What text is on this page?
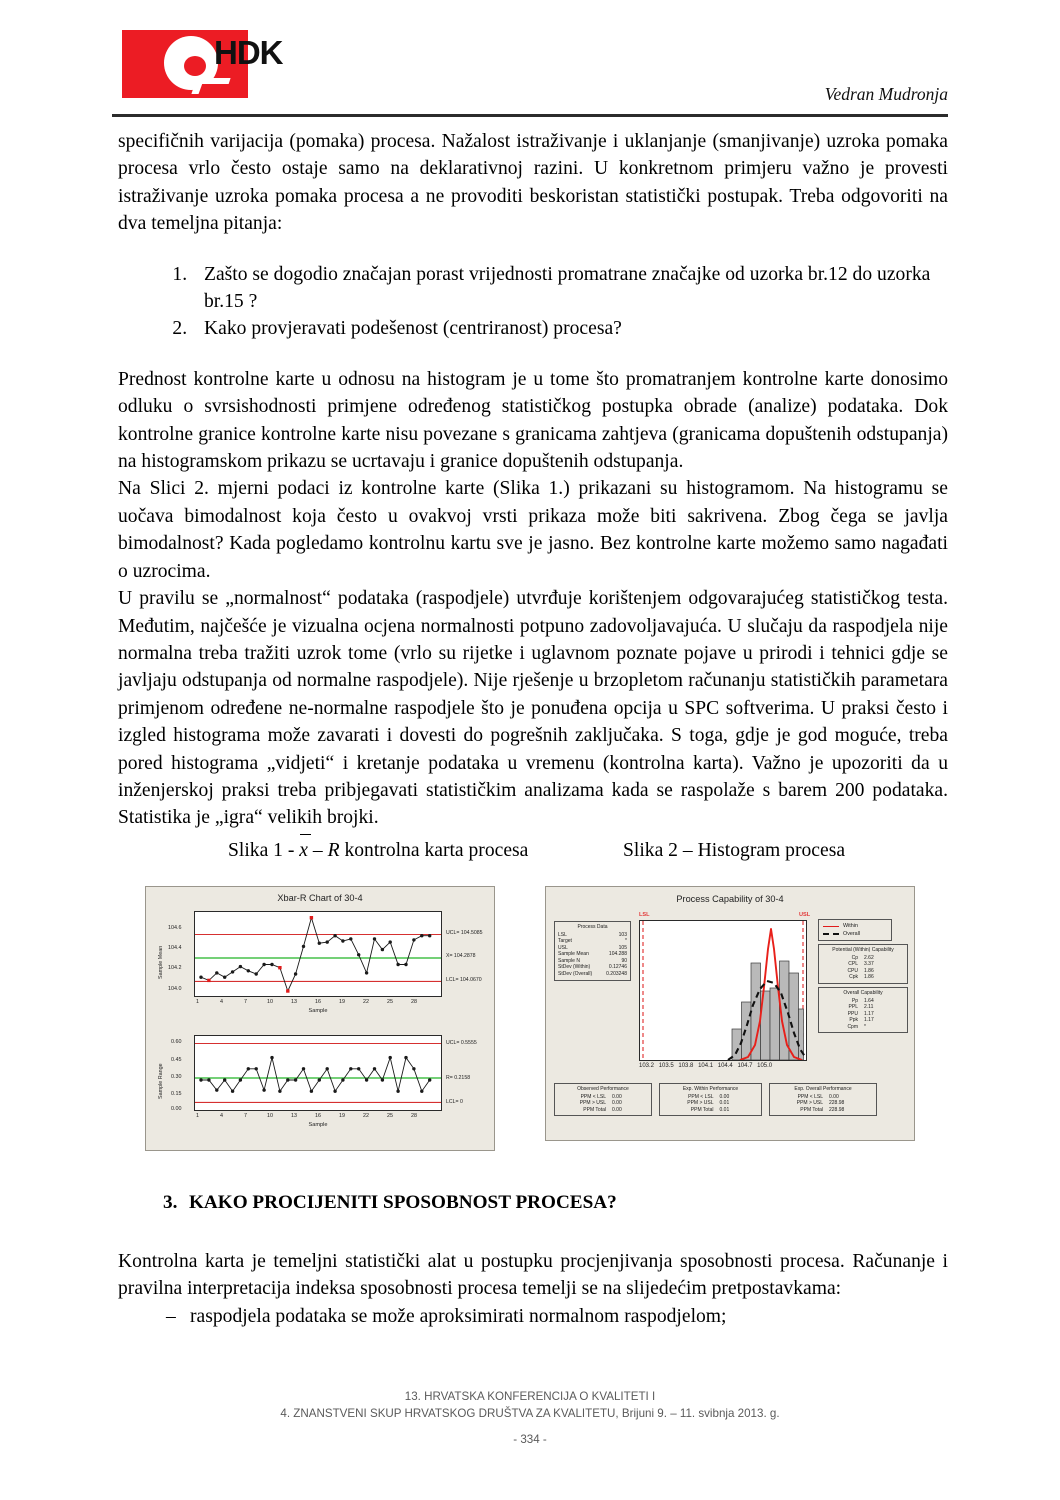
HDK
Vedran Mudronja

specifičnih varijacija (pomaka) procesa. Nažalost istraživanje i uklanjanje (smanjivanje) uzroka pomaka procesa vrlo često ostaje samo na deklarativnoj razini. U konkretnom primjeru važno je provesti istraživanje uzroka pomaka procesa a ne provoditi beskoristan statistički postupak. Treba odgovoriti na dva temeljna pitanja:

1. Zašto se dogodio značajan porast vrijednosti promatrane značajke od uzorka br.12 do uzorka br.15 ?
2. Kako provjeravati podešenost (centriranost) procesa?

Prednost kontrolne karte u odnosu na histogram je u tome što promatranjem kontrolne karte donosimo odluku o svrsishodnosti primjene određenog statističkog postupka obrade (analize) podataka. Dok kontrolne granice kontrolne karte nisu povezane s granicama zahtjeva (granicama dopuštenih odstupanja) na histogramskom prikazu se ucrtavaju i granice dopuštenih odstupanja.

Na Slici 2. mjerni podaci iz kontrolne karte (Slika 1.) prikazani su histogramom. Na histogramu se uočava bimodalnost koja često u ovakvoj vrsti prikaza može biti sakrivena. Zbog čega se javlja bimodalnost? Kada pogledamo kontrolnu kartu sve je jasno. Bez kontrolne karte možemo samo nagađati o uzrocima.

U pravilu se „normalnost“ podataka (raspodjele) utvrđuje korištenjem odgovarajućeg statističkog testa. Međutim, najčešće je vizualna ocjena normalnosti potpuno zadovoljavajuća. U slučaju da raspodjela nije normalna treba tražiti uzrok tome (vrlo su rijetke i uglavnom poznate pojave u prirodi i tehnici gdje se javljaju odstupanja od normalne raspodjele). Nije rješenje u brzopletom računanju statističkih parametara primjenom određene ne-normalne raspodjele što je ponuđena opcija u SPC softverima. U praksi često i izgled histograma može zavarati i dovesti do pogrešnih zaključaka. S toga, gdje je god moguće, treba pored histograma „vidjeti“ i kretanje podataka u vremenu (kontrolna karta). Važno je upozoriti da u inženjerskoj praksi treba pribjegavati statističkim analizama kada se raspolaže s barem 200 podataka. Statistika je „igra“ velikih brojki.

Slika 1 -
x – R kontrolna karta procesa	Slika 2 – Histogram procesa
Xbar-R Chart of 30-4
Sample Mean
104.6
104.4
104.2
104.0
UCL= 104.5085
X= 104.2878
LCL= 104.0670
1	4	7	10	13	16	19	22	25	28
Sample
Sample Range
0.60
0.45
0.30
0.15
0.00
UCL= 0.5555
R= 0.2158
LCL= 0
1	4	7	10	13	16	19	22	25	28
Sample
Process Capability of 30-4
Process Data
LSL	103
Target	*
USL	105
Sample Mean	104.288
Sample N	90
StDev (Within)	0.12746
StDev (Overall)	0.203248
LSL	USL
103.2 103.5 103.8 104.1 104.4 104.7 105.0
Within
Overall
Potential (Within) Capability
Cp 2.62
CPL 3.37
CPU 1.86
Cpk 1.86
Overall Capability
Pp 1.64
PPL 2.11
PPU 1.17
Ppk 1.17
Cpm *
Observed Performance
PPM < LSL 0.00
PPM > USL 0.00
PPM Total 0.00
Exp. Within Performance
PPM < LSL 0.00
PPM > USL 0.01
PPM Total 0.01
Exp. Overall Performance
PPM < LSL 0.00
PPM > USL 228.98
PPM Total 228.98
3. KAKO PROCIJENITI SPOSOBNOST PROCESA?

Kontrolna karta je temeljni statistički alat u postupku procjenjivanja sposobnosti procesa. Računanje i pravilna interpretacija indeksa sposobnosti procesa temelji se na slijedećim pretpostavkama:

– raspodjela podataka se može aproksimirati normalnom raspodjelom;
13. HRVATSKA KONFERENCIJA O KVALITETI I
4. ZNANSTVENI SKUP HRVATSKOG DRUŠTVA ZA KVALITETU, Brijuni 9. – 11. svibnja 2013. g.
- 334 -
